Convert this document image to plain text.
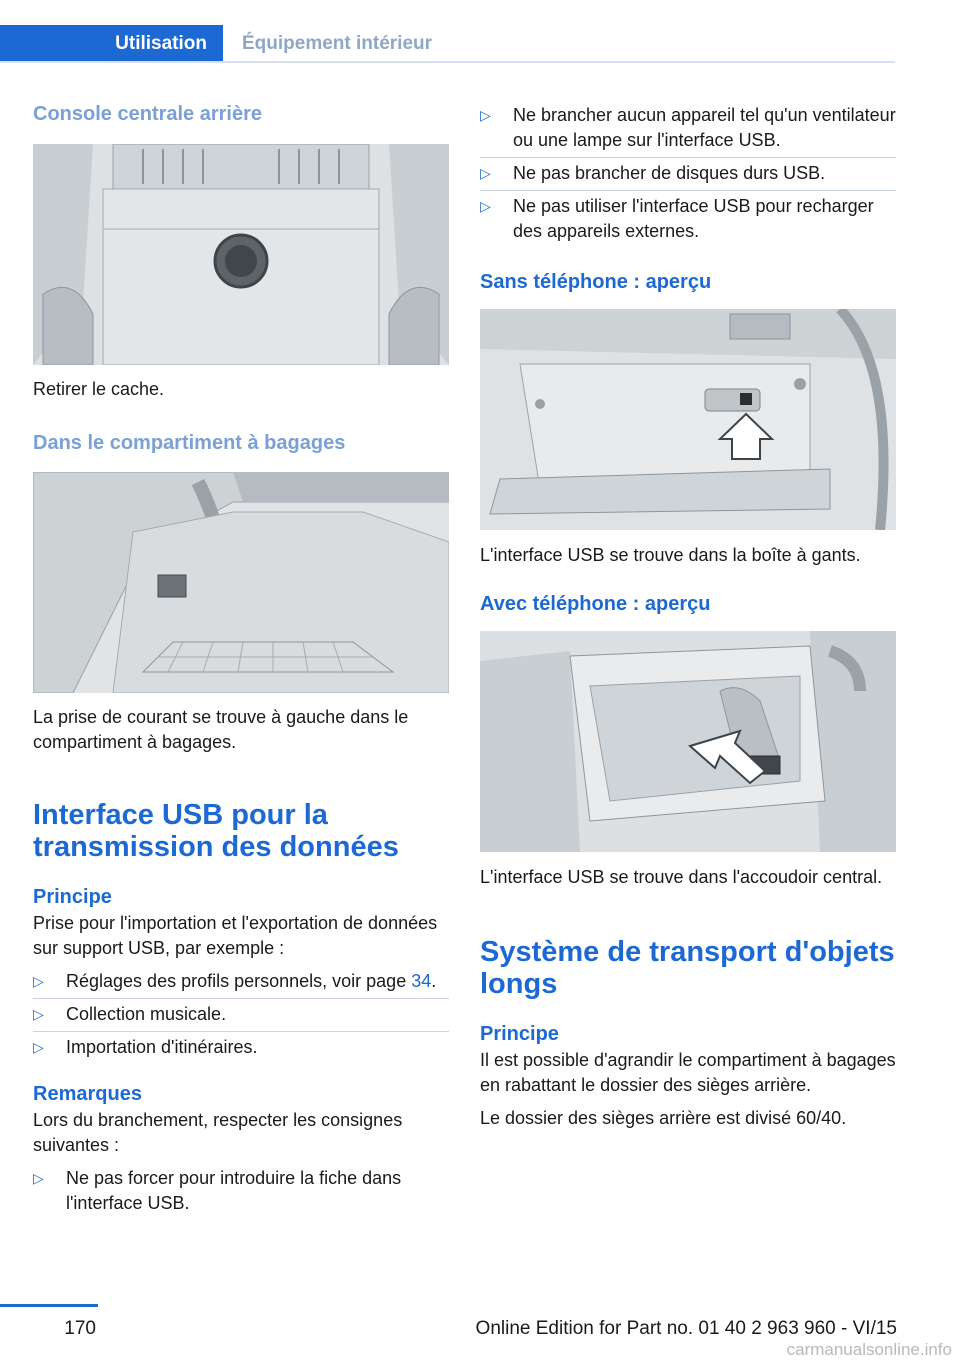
Utilisation	Équipement intérieur
Console centrale arrière

Retirer le cache.

Dans le compartiment à bagages

La prise de courant se trouve à gauche dans le compartiment à bagages.

Interface USB pour la transmission des données
Principe

Prise pour l'importation et l'exportation de données sur support USB, par exemple :

▷ Réglages des profils personnels, voir page 34.
▷ Collection musicale.
▷ Importation d'itinéraires.
Remarques

Lors du branchement, respecter les consignes suivantes :

▷ Ne pas forcer pour introduire la fiche dans l'interface USB.
▷ Ne brancher aucun appareil tel qu'un ventilateur ou une lampe sur l'interface USB.
▷ Ne pas brancher de disques durs USB.
▷ Ne pas utiliser l'interface USB pour recharger des appareils externes.
Sans téléphone : aperçu

L'interface USB se trouve dans la boîte à gants.

Avec téléphone : aperçu

L'interface USB se trouve dans l'accoudoir central.

Système de transport d'objets longs
Principe

Il est possible d'agrandir le compartiment à bagages en rabattant le dossier des sièges arrière.

Le dossier des sièges arrière est divisé 60/40.

170	Online Edition for Part no. 01 40 2 963 960 - VI/15
carmanualsonline.info
